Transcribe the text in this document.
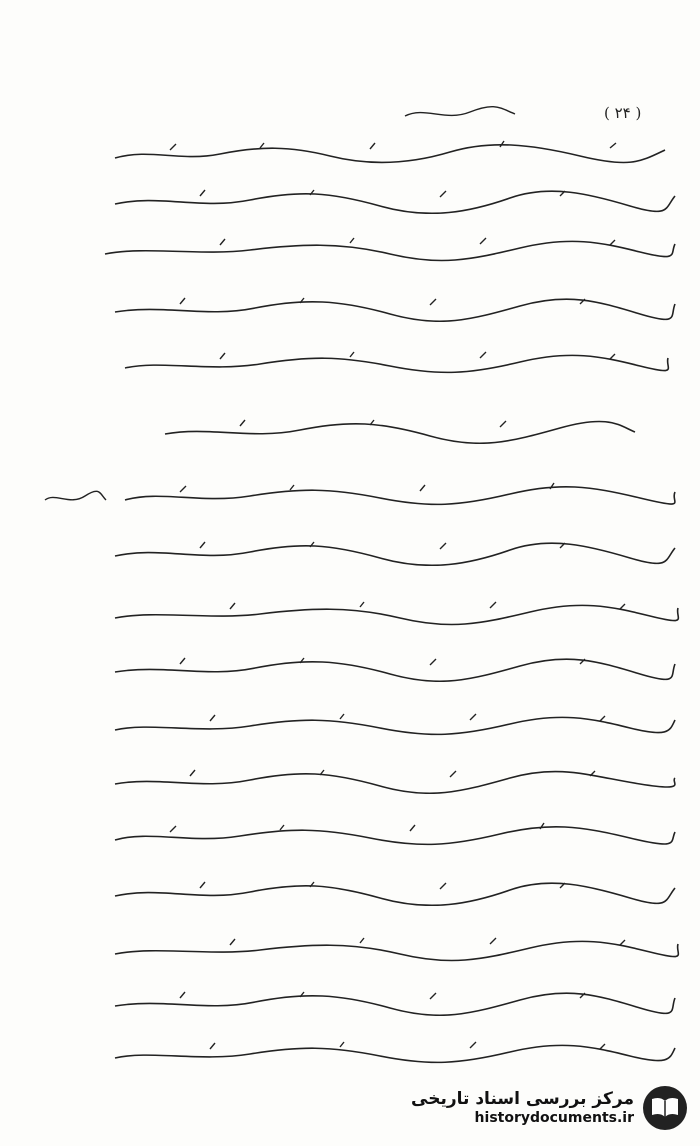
( ۲۴ )
مرکز بررسی اسناد تاریخی
historydocuments.ir
